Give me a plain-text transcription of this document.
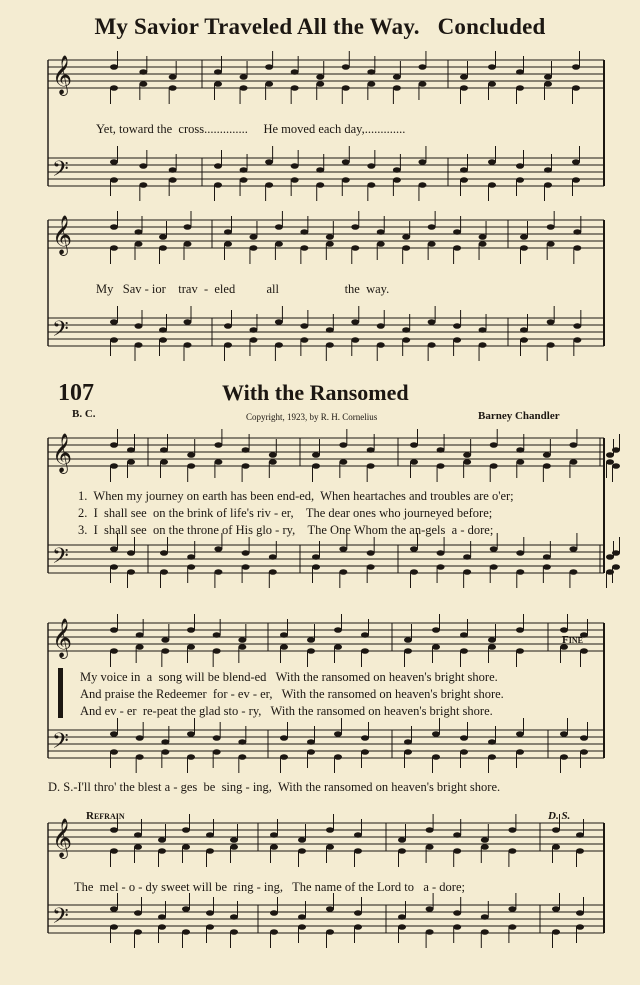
𝄞
𝄢
𝄞
𝄢
𝄞
𝄢
𝄞
𝄢
𝄞
𝄢
My Savior Traveled All the Way. Concluded
Yet, toward the  cross..............     He moved each day,.............
My   Sav - ior    trav  -  eled          all                     the  way.
107	With the Ransomed
B. C.	Copyright, 1923, by R. H. Cornelius	Barney Chandler
1.  When my journey on earth has been end-ed,  When heartaches and troubles are o'er;
2.  I  shall see  on the brink of life's riv - er,    The dear ones who journeyed before;
3.  I  shall see  on the throne of His glo - ry,    The One Whom the an-gels  a - dore;
Fine
My voice in  a  song will be blend-ed   With the ransomed on heaven's bright shore.
And praise the Redeemer  for - ev - er,   With the ransomed on heaven's bright shore.
And ev - er  re-peat the glad sto - ry,   With the ransomed on heaven's bright shore.
D. S.-I'll thro' the blest a - ges  be  sing - ing,  With the ransomed on heaven's bright shore.
Refrain	D. S.
The  mel - o - dy sweet will be  ring - ing,   The name of the Lord to   a - dore;
